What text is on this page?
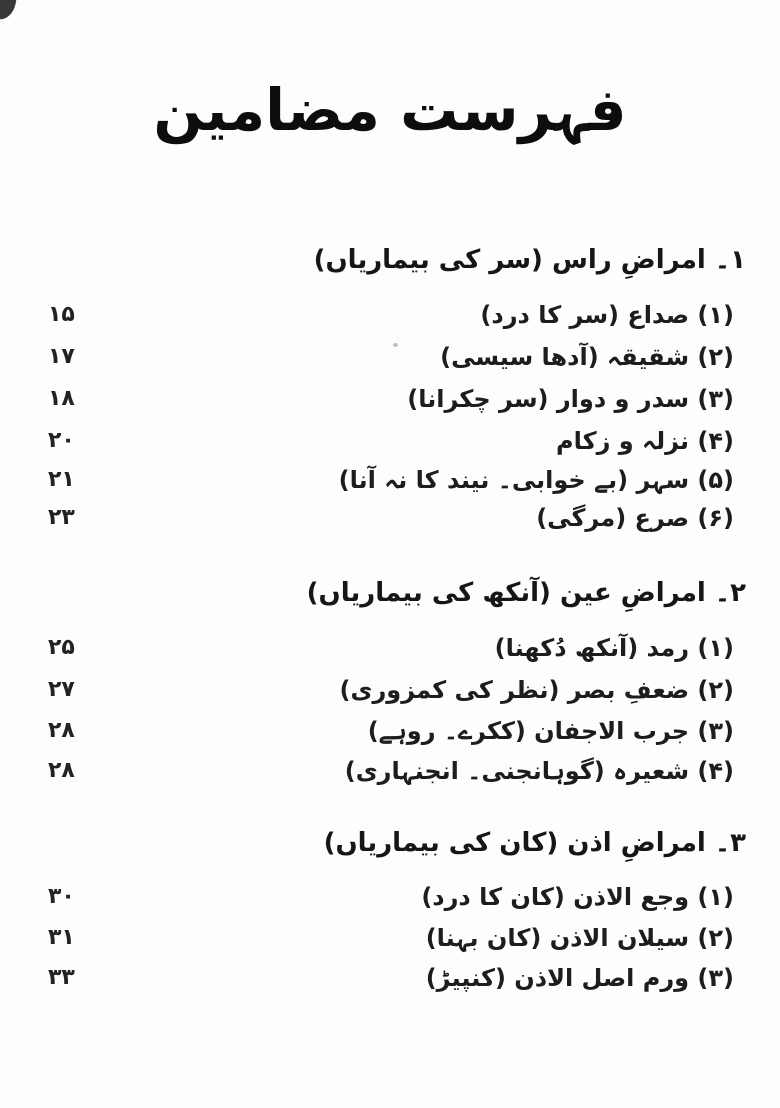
فہرست مضامین
۱۔ امراضِ راس (سر کی بیماریاں)
۱۵	(۱) صداع (سر کا درد)
۱۷	(۲) شقیقہ (آدھا سیسی)
۱۸	(۳) سدر و دوار (سر چکرانا)
۲۰	(۴) نزلہ و زکام
۲۱	(۵) سہر (بے خوابی۔ نیند کا نہ آنا)
۲۳	(۶) صرع (مرگی)
۲۔ امراضِ عین (آنکھ کی بیماریاں)
۲۵	(۱) رمد (آنکھ دُکھنا)
۲۷	(۲) ضعفِ بصر (نظر کی کمزوری)
۲۸	(۳) جرب الاجفان (ککرے۔ روہے)
۲۸	(۴) شعیرہ (گوہانجنی۔ انجنہاری)
۳۔ امراضِ اذن (کان کی بیماریاں)
۳۰	(۱) وجع الاذن (کان کا درد)
۳۱	(۲) سیلان الاذن (کان بہنا)
۳۳	(۳) ورم اصل الاذن (کنپیڑ)
